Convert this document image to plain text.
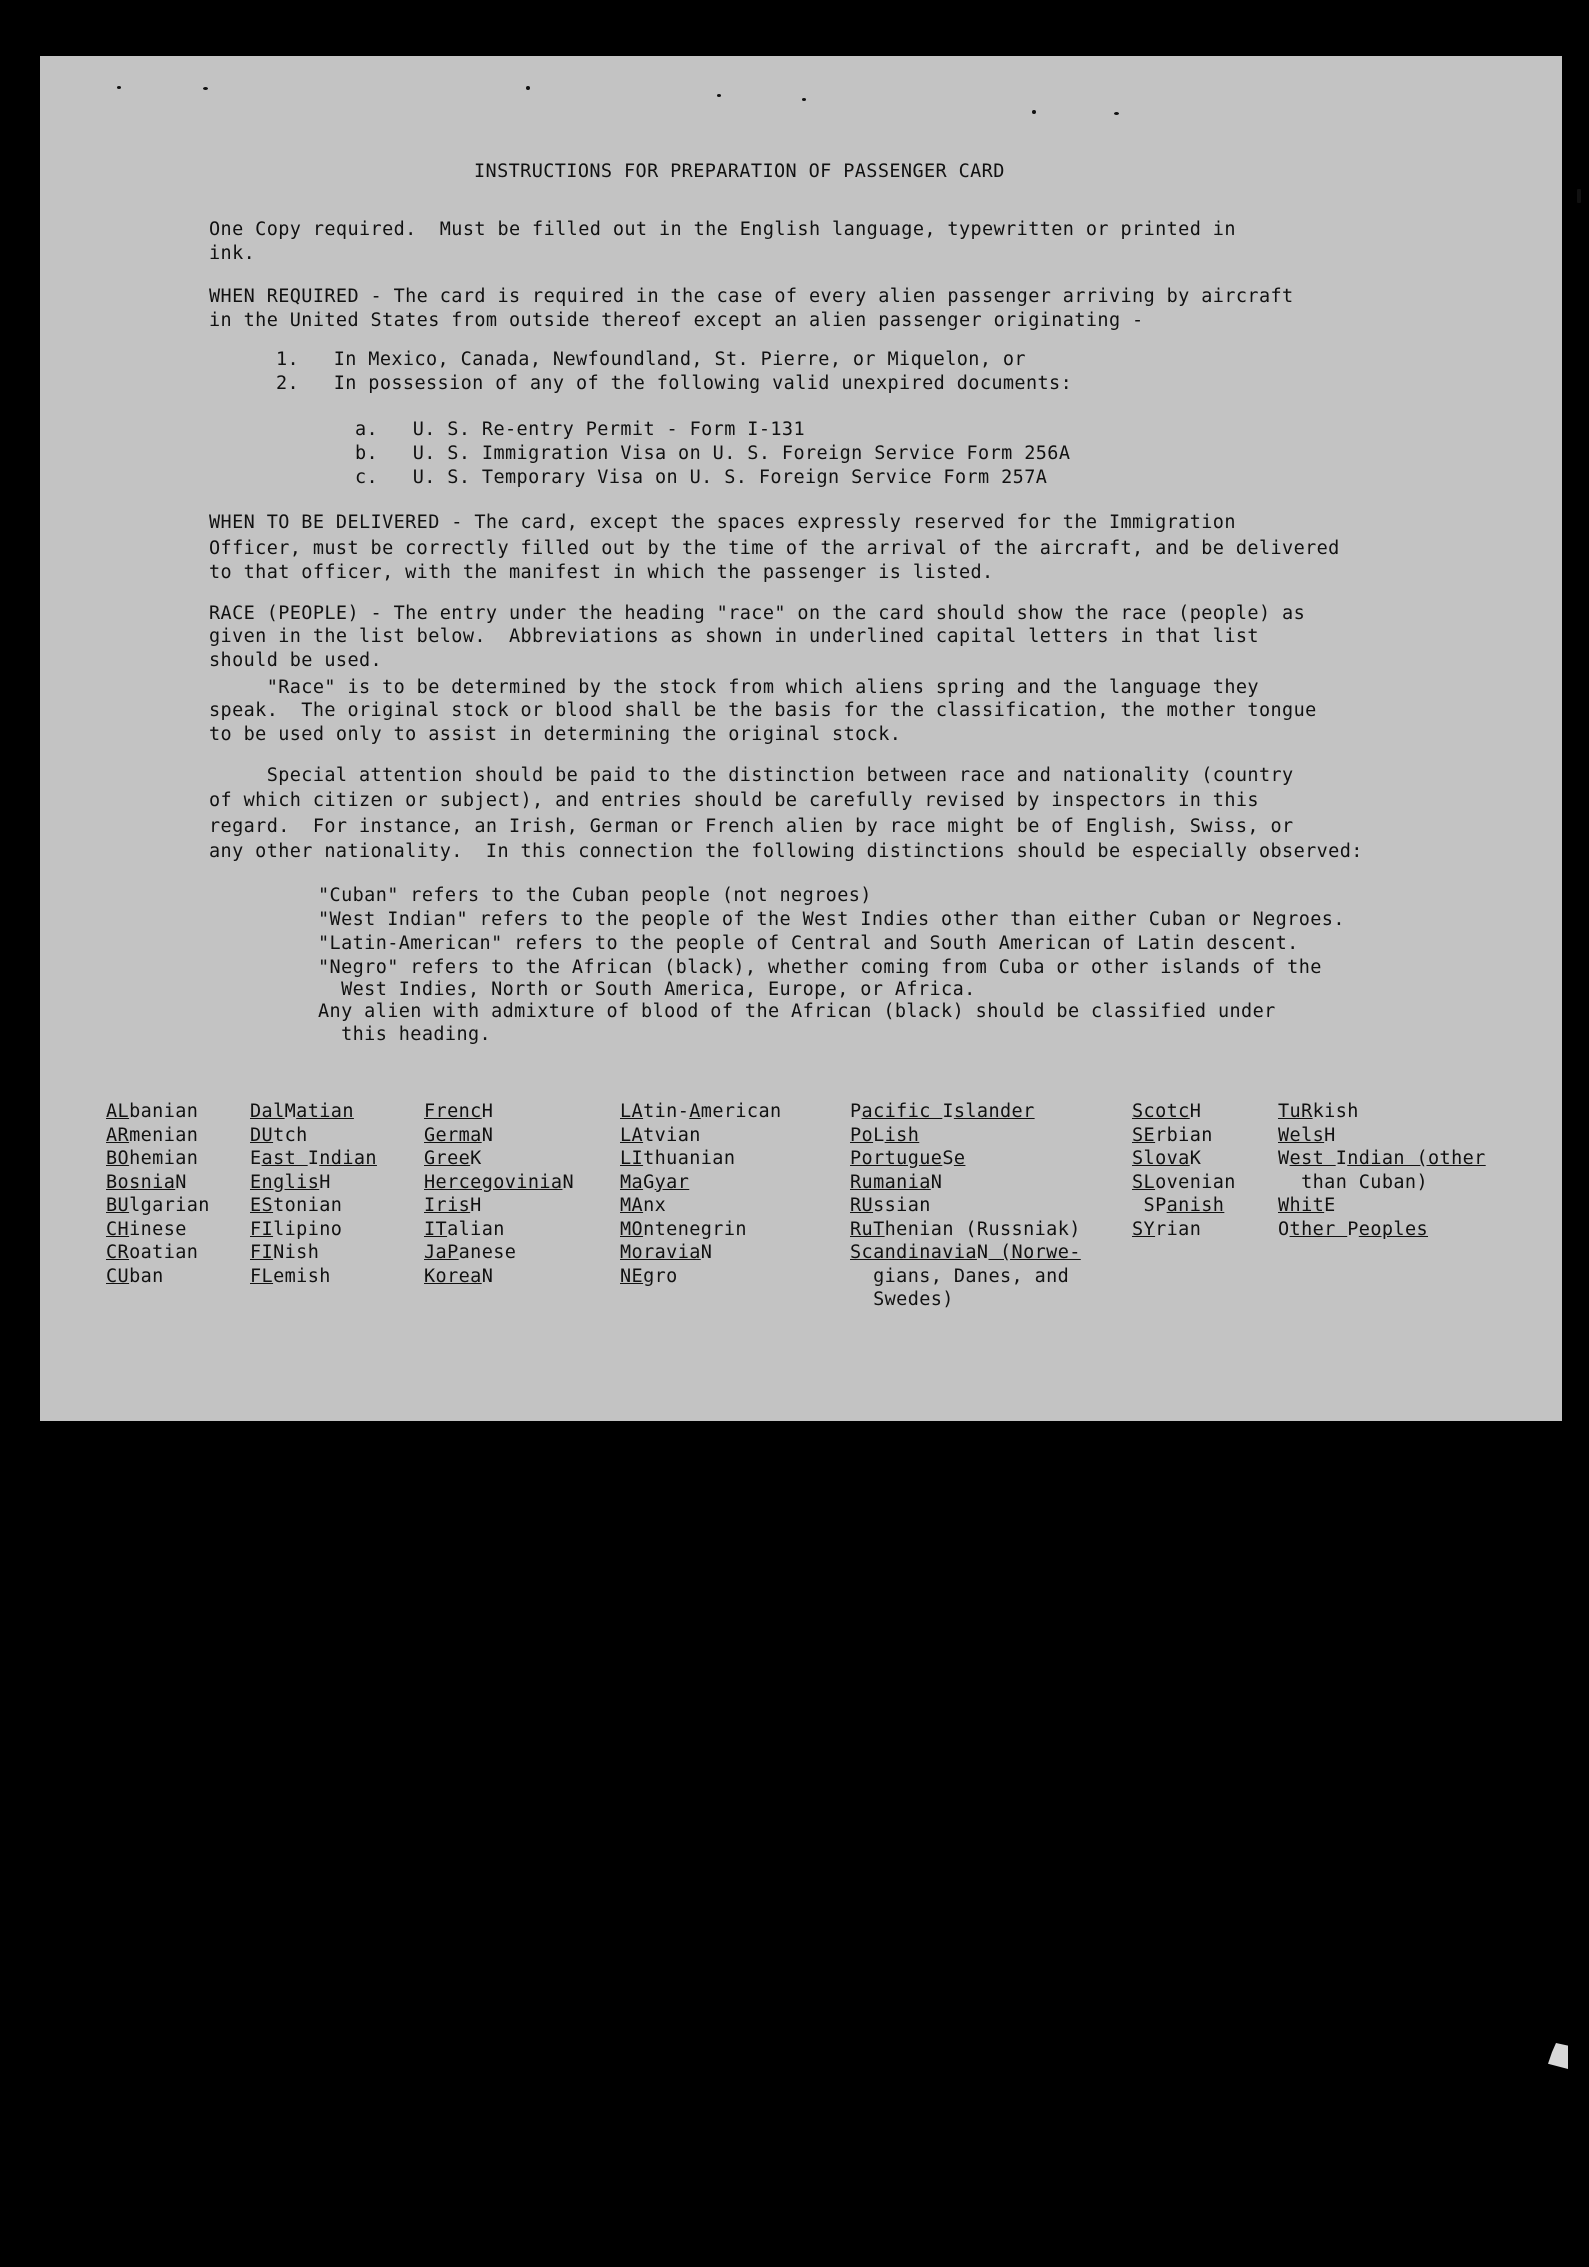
INSTRUCTIONS FOR PREPARATION OF PASSENGER CARD
One Copy required.  Must be filled out in the English language, typewritten or printed in
ink.
WHEN REQUIRED - The card is required in the case of every alien passenger arriving by aircraft
in the United States from outside thereof except an alien passenger originating -
1.   In Mexico, Canada, Newfoundland, St. Pierre, or Miquelon, or
2.   In possession of any of the following valid unexpired documents:
a.   U. S. Re-entry Permit - Form I-131
b.   U. S. Immigration Visa on U. S. Foreign Service Form 256A
c.   U. S. Temporary Visa on U. S. Foreign Service Form 257A
WHEN TO BE DELIVERED - The card, except the spaces expressly reserved for the Immigration
Officer, must be correctly filled out by the time of the arrival of the aircraft, and be delivered
to that officer, with the manifest in which the passenger is listed.
RACE (PEOPLE) - The entry under the heading "race" on the card should show the race (people) as
given in the list below.  Abbreviations as shown in underlined capital letters in that list
should be used.
"Race" is to be determined by the stock from which aliens spring and the language they
speak.  The original stock or blood shall be the basis for the classification, the mother tongue
to be used only to assist in determining the original stock.
Special attention should be paid to the distinction between race and nationality (country
of which citizen or subject), and entries should be carefully revised by inspectors in this
regard.  For instance, an Irish, German or French alien by race might be of English, Swiss, or
any other nationality.  In this connection the following distinctions should be especially observed:
"Cuban" refers to the Cuban people (not negroes)
"West Indian" refers to the people of the West Indies other than either Cuban or Negroes.
"Latin-American" refers to the people of Central and South American of Latin descent.
"Negro" refers to the African (black), whether coming from Cuba or other islands of the
West Indies, North or South America, Europe, or Africa.
Any alien with admixture of blood of the African (black) should be classified under
this heading.
ALbanian
ARmenian
BOhemian
BosniaN
BUlgarian
CHinese
CRoatian
CUban
DalMatian
DUtch
East Indian
EnglisH
EStonian
FIlipino
FINish
FLemish
FrencH
GermaN
GreeK
HercegoviniaN
IrisH
ITalian
JaPanese
KoreaN
LAtin-American
LAtvian
LIthuanian
MaGyar
MAnx
MOntenegrin
MoraviaN
NEgro
Pacific Islander
PoLish
PortugueSe
RumaniaN
RUssian
RuThenian (Russniak)
ScandinaviaN (Norwe-
gians, Danes, and
Swedes)
ScotcH
SErbian
SlovaK
SLovenian
SPanish
SYrian
TuRkish
WelsH
West Indian (other
than Cuban)
WhitE
Other Peoples
